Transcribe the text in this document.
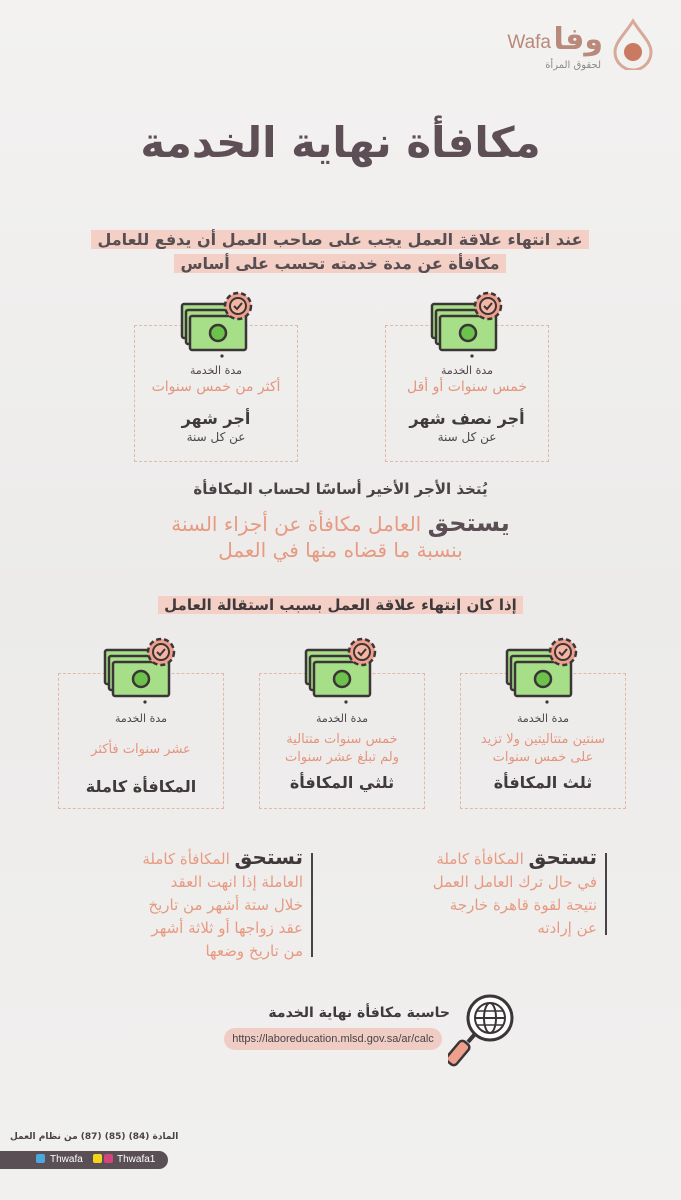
وفا
Wafa
لحقوق المرأة
مكافأة نهاية الخدمة
عند انتهاء علاقة العمل يجب على صاحب العمل أن يدفع للعامل
مكافأة عن مدة خدمته تحسب على أساس
مدة الخدمة
خمس سنوات أو أقل
أجر نصف شهر
عن كل سنة
مدة الخدمة
أكثر من خمس سنوات
أجر شهر
عن كل سنة
يُتخذ الأجر الأخير أساسًا لحساب المكافأة
يستحق العامل مكافأة عن أجزاء السنة
بنسبة ما قضاه منها في العمل
إذا كان إنتهاء علاقة العمل بسبب استقالة العامل
مدة الخدمة
سنتين متتاليتين ولا تزيد
على خمس سنوات
ثلث المكافأة
مدة الخدمة
خمس سنوات متتالية
ولم تبلغ عشر سنوات
ثلثي المكافأة
مدة الخدمة
عشر سنوات فأكثر
المكافأة كاملة
تستحق المكافأة كاملة
في حال ترك العامل العمل
نتيجة لقوة قاهرة خارجة
عن إرادته
تستحق المكافأة كاملة
العاملة إذا انهت العقد
خلال ستة أشهر من تاريخ
عقد زواجها أو ثلاثة أشهر
من تاريخ وضعها
حاسبة مكافأة نهاية الخدمة
https://laboreducation.mlsd.gov.sa/ar/calc
المادة (84) (85) (87) من نظام العمل
Thwafa	Thwafa1
